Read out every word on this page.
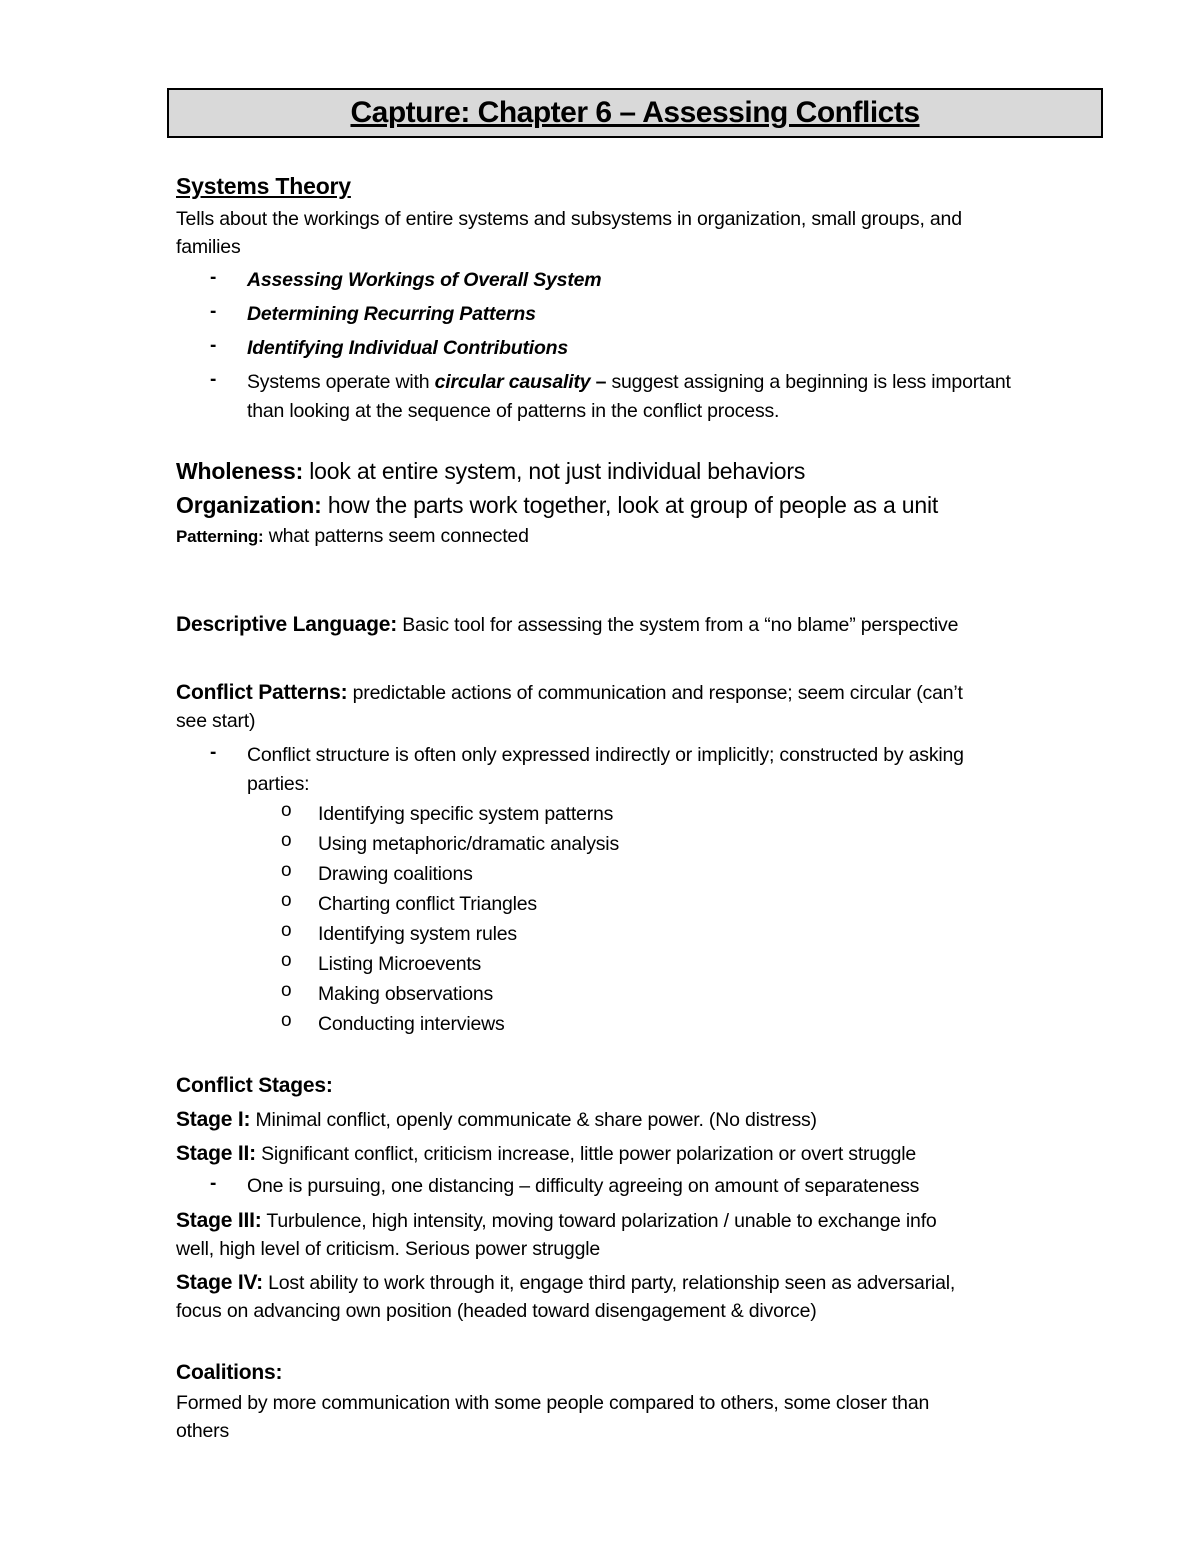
Capture: Chapter 6 – Assessing Conflicts
Systems Theory
Tells about the workings of entire systems and subsystems in organization, small groups, and
families
- Assessing Workings of Overall System
- Determining Recurring Patterns
- Identifying Individual Contributions
- Systems operate with circular causality – suggest assigning a beginning is less important
than looking at the sequence of patterns in the conflict process.
Wholeness: look at entire system, not just individual behaviors
Organization: how the parts work together, look at group of people as a unit
Patterning: what patterns seem connected
Descriptive Language: Basic tool for assessing the system from a “no blame” perspective
Conflict Patterns: predictable actions of communication and response; seem circular (can’t
see start)
- Conflict structure is often only expressed indirectly or implicitly; constructed by asking
parties:
o Identifying specific system patterns
o Using metaphoric/dramatic analysis
o Drawing coalitions
o Charting conflict Triangles
o Identifying system rules
o Listing Microevents
o Making observations
o Conducting interviews
Conflict Stages:
Stage I: Minimal conflict, openly communicate & share power. (No distress)
Stage II: Significant conflict, criticism increase, little power polarization or overt struggle
- One is pursuing, one distancing – difficulty agreeing on amount of separateness
Stage III: Turbulence, high intensity, moving toward polarization / unable to exchange info
well, high level of criticism. Serious power struggle
Stage IV: Lost ability to work through it, engage third party, relationship seen as adversarial,
focus on advancing own position (headed toward disengagement & divorce)
Coalitions:
Formed by more communication with some people compared to others, some closer than
others
